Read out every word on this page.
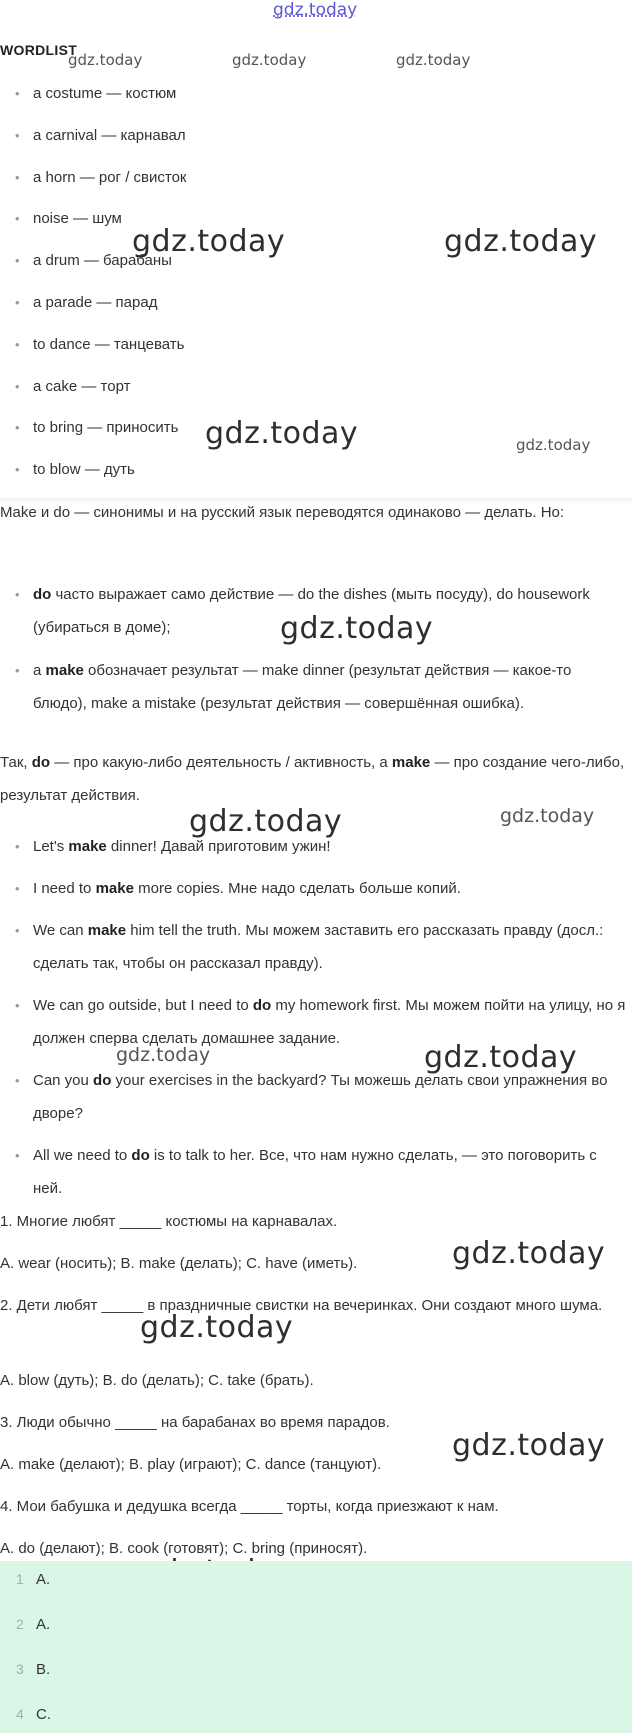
gdz.today
gdz.today	gdz.today	gdz.today
gdz.today	gdz.today
gdz.today	gdz.today
gdz.today
gdz.today	gdz.today
gdz.today	gdz.today
gdz.today
gdz.today
gdz.today
WORDLIST
• a costume — костюм
• a carnival — карнавал
• a horn — рог / свисток
• noise — шум
• a drum — барабаны
• a parade — парад
• to dance — танцевать
• a cake — торт
• to bring — приносить
• to blow — дуть
Make и do — синонимы и на русский язык переводятся одинаково — делать. Но:
• do часто выражает само действие — do the dishes (мыть посуду), do housework (убираться в доме);
• a make обозначает результат — make dinner (результат действия — какое-то блюдо), make a mistake (результат действия — совершённая ошибка).
Так, do — про какую-либо деятельность / активность, а make — про создание чего-либо, результат действия.
• Let's make dinner! Давай приготовим ужин!
• I need to make more copies. Мне надо сделать больше копий.
• We can make him tell the truth. Мы можем заставить его рассказать правду (досл.: сделать так, чтобы он рассказал правду).
• We can go outside, but I need to do my homework first. Мы можем пойти на улицу, но я должен сперва сделать домашнее задание.
• Can you do your exercises in the backyard? Ты можешь делать свои упражнения во дворе?
• All we need to do is to talk to her. Все, что нам нужно сделать, — это поговорить с ней.
1. Многие любят _____ костюмы на карнавалах.
A. wear (носить); B. make (делать); C. have (иметь).
2. Дети любят _____ в праздничные свистки на вечеринках. Они создают много шума.
A. blow (дуть); B. do (делать); C. take (брать).
3. Люди обычно _____ на барабанах во время парадов.
A. make (делают); B. play (играют); C. dance (танцуют).
4. Мои бабушка и дедушка всегда _____ торты, когда приезжают к нам.
A. do (делают); B. cook (готовят); C. bring (приносят).
1 A.
2 A.
3 B.
4 C.
